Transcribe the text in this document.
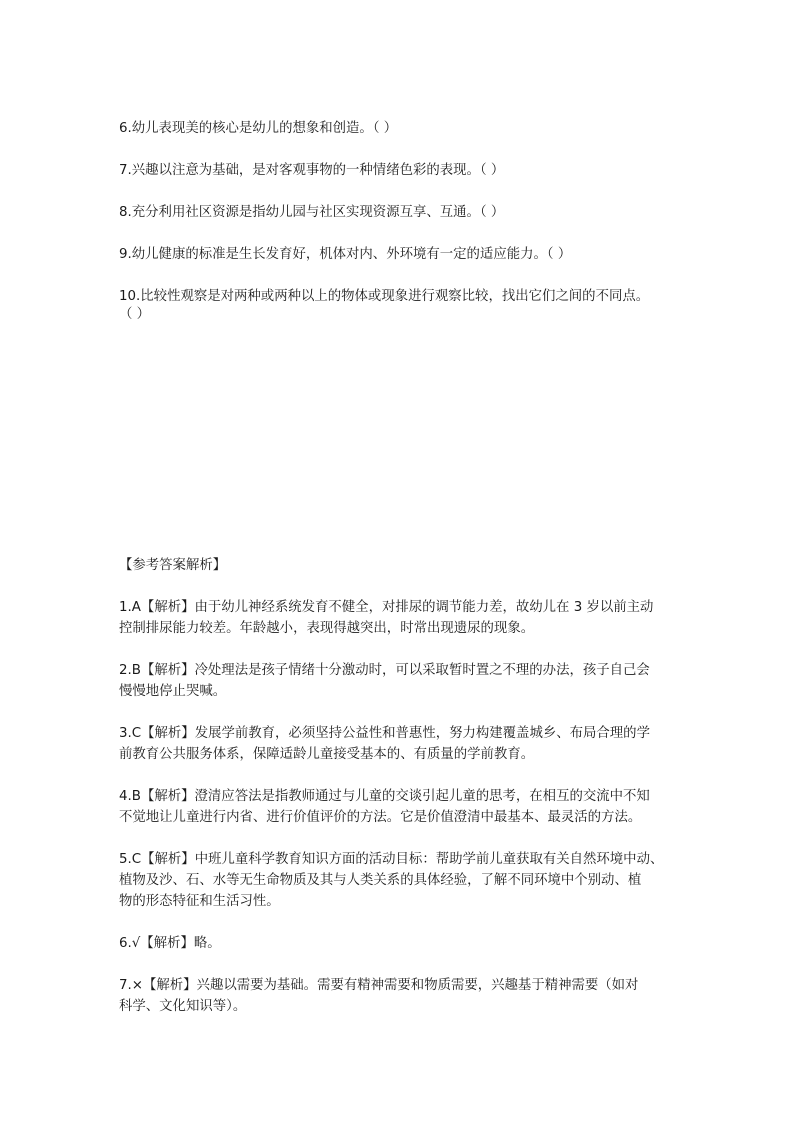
6.幼儿表现美的核心是幼儿的想象和创造。（ ）
7.兴趣以注意为基础，是对客观事物的一种情绪色彩的表现。（ ）
8.充分利用社区资源是指幼儿园与社区实现资源互享、互通。（ ）
9.幼儿健康的标准是生长发育好，机体对内、外环境有一定的适应能力。（ ）
10.比较性观察是对两种或两种以上的物体或现象进行观察比较，找出它们之间的不同点。
（ ）
【参考答案解析】
1.A【解析】由于幼儿神经系统发育不健全，对排尿的调节能力差，故幼儿在 3 岁以前主动
控制排尿能力较差。年龄越小，表现得越突出，时常出现遗尿的现象。
2.B【解析】冷处理法是孩子情绪十分激动时，可以采取暂时置之不理的办法，孩子自己会
慢慢地停止哭喊。
3.C【解析】发展学前教育，必须坚持公益性和普惠性，努力构建覆盖城乡、布局合理的学
前教育公共服务体系，保障适龄儿童接受基本的、有质量的学前教育。
4.B【解析】澄清应答法是指教师通过与儿童的交谈引起儿童的思考，在相互的交流中不知
不觉地让儿童进行内省、进行价值评价的方法。它是价值澄清中最基本、最灵活的方法。
5.C【解析】中班儿童科学教育知识方面的活动目标：帮助学前儿童获取有关自然环境中动、
植物及沙、石、水等无生命物质及其与人类关系的具体经验，了解不同环境中个别动、植
物的形态特征和生活习性。
6.√【解析】略。
7.×【解析】兴趣以需要为基础。需要有精神需要和物质需要，兴趣基于精神需要（如对
科学、文化知识等）。
